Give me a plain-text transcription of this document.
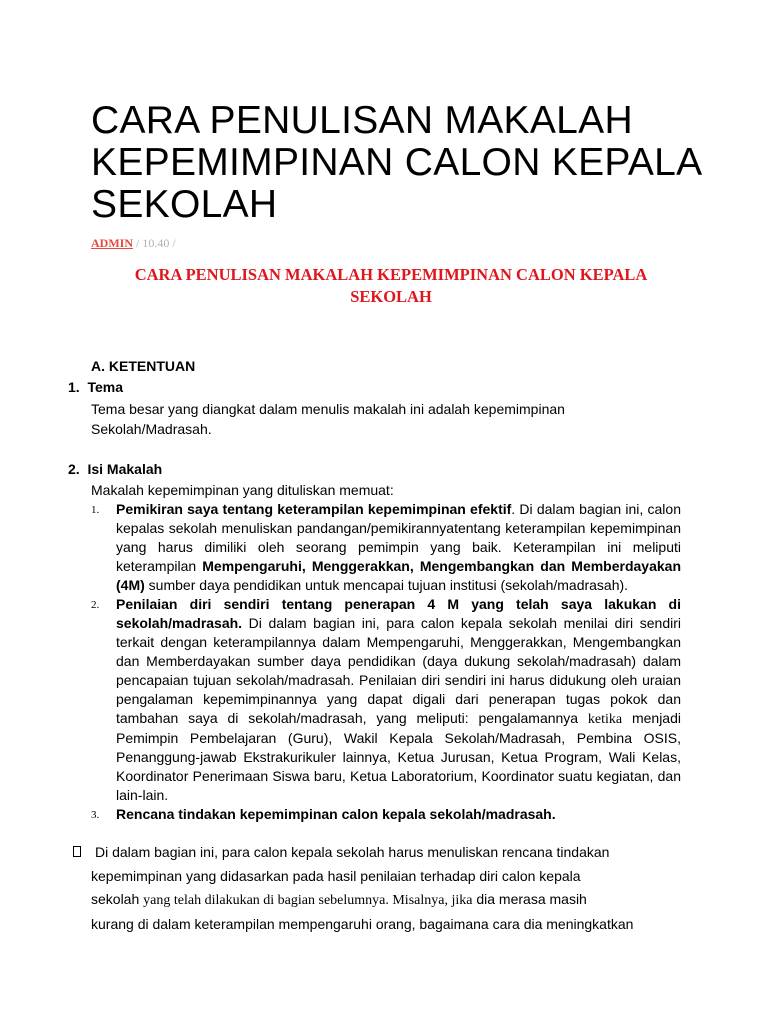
CARA PENULISAN MAKALAH KEPEMIMPINAN CALON KEPALA SEKOLAH
ADMIN / 10.40 /
CARA PENULISAN MAKALAH KEPEMIMPINAN CALON KEPALA
SEKOLAH
A. KETENTUAN
1. Tema
Tema besar yang diangkat dalam menulis makalah ini adalah kepemimpinan Sekolah/Madrasah.
2. Isi Makalah
Makalah kepemimpinan yang dituliskan memuat:
1. Pemikiran saya tentang keterampilan kepemimpinan efektif. Di dalam bagian ini, calon kepalas sekolah menuliskan pandangan/pemikirannyatentang keterampilan kepemimpinan yang harus dimiliki oleh seorang pemimpin yang baik. Keterampilan ini meliputi keterampilan Mempengaruhi, Menggerakkan, Mengembangkan dan Memberdayakan (4M) sumber daya pendidikan untuk mencapai tujuan institusi (sekolah/madrasah).
2. Penilaian diri sendiri tentang penerapan 4 M yang telah saya lakukan di sekolah/madrasah. Di dalam bagian ini, para calon kepala sekolah menilai diri sendiri terkait dengan keterampilannya dalam Mempengaruhi, Menggerakkan, Mengembangkan dan Memberdayakan sumber daya pendidikan (daya dukung sekolah/madrasah) dalam pencapaian tujuan sekolah/madrasah. Penilaian diri sendiri ini harus didukung oleh uraian pengalaman kepemimpinannya yang dapat digali dari penerapan tugas pokok dan tambahan saya di sekolah/madrasah, yang meliputi: pengalamannya ketika menjadi Pemimpin Pembelajaran (Guru), Wakil Kepala Sekolah/Madrasah, Pembina OSIS, Penanggung-jawab Ekstrakurikuler lainnya, Ketua Jurusan, Ketua Program, Wali Kelas, Koordinator Penerimaan Siswa baru, Ketua Laboratorium, Koordinator suatu kegiatan, dan lain-lain.
3. Rencana tindakan kepemimpinan calon kepala sekolah/madrasah.
Di dalam bagian ini, para calon kepala sekolah harus menuliskan rencana tindakan
kepemimpinan yang didasarkan pada hasil penilaian terhadap diri calon kepala
sekolah yang telah dilakukan di bagian sebelumnya. Misalnya, jika dia merasa masih
kurang di dalam keterampilan mempengaruhi orang, bagaimana cara dia meningkatkan
